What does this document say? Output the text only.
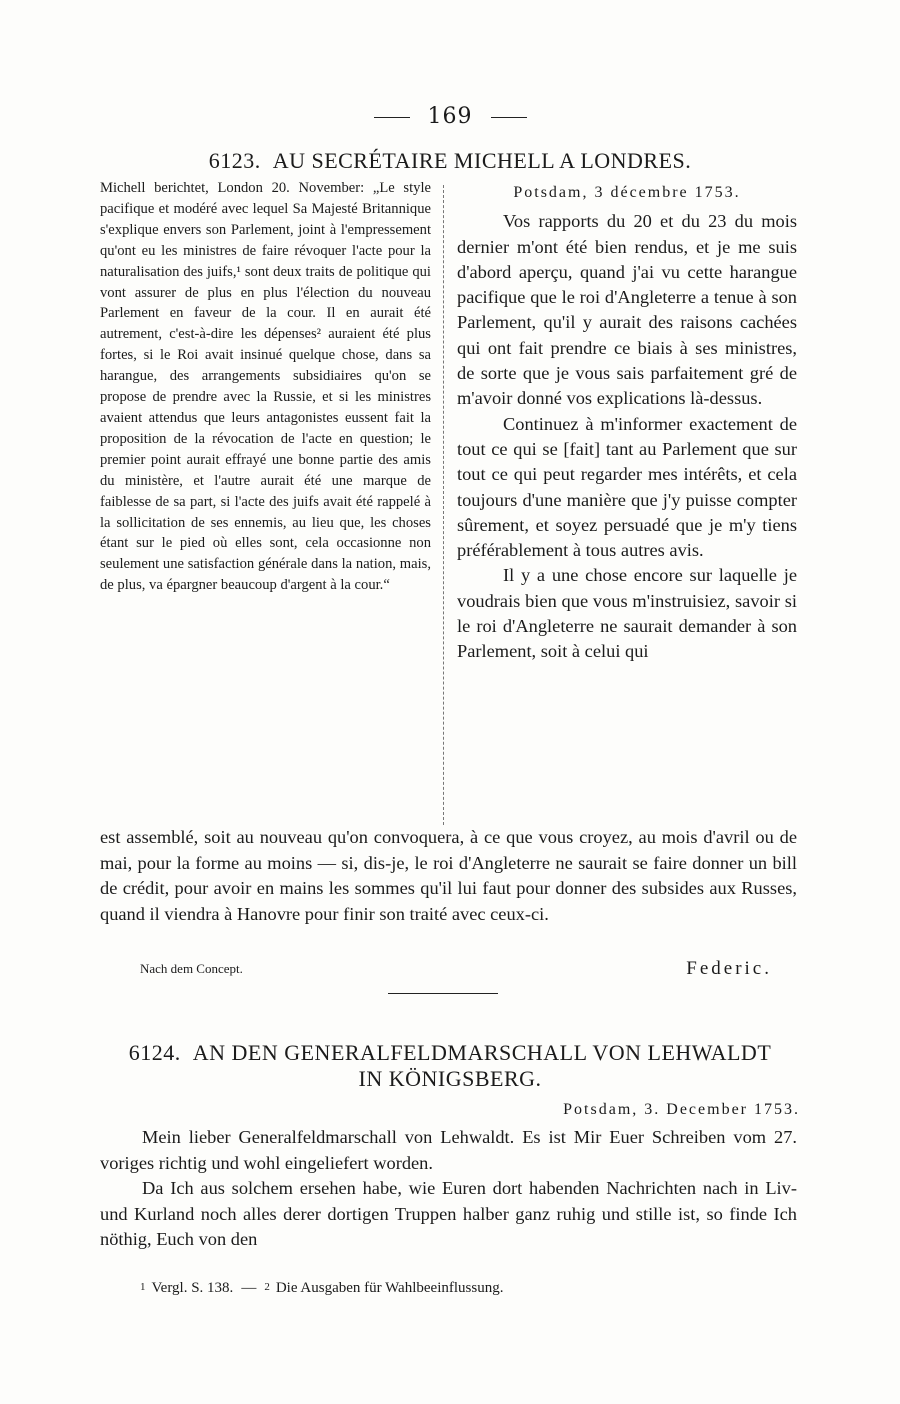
169
6123. AU SECRÉTAIRE MICHELL A LONDRES.
Michell berichtet, London 20. November: „Le style pacifique et modéré avec lequel Sa Majesté Britannique s'explique envers son Parlement, joint à l'empressement qu'ont eu les ministres de faire révoquer l'acte pour la naturalisation des juifs,¹ sont deux traits de politique qui vont assurer de plus en plus l'élection du nouveau Parlement en faveur de la cour. Il en aurait été autrement, c'est-à-dire les dépenses² auraient été plus fortes, si le Roi avait insinué quelque chose, dans sa harangue, des arrangements subsidiaires qu'on se propose de prendre avec la Russie, et si les ministres avaient attendus que leurs antagonistes eussent fait la proposition de la révocation de l'acte en question; le premier point aurait effrayé une bonne partie des amis du ministère, et l'autre aurait été une marque de faiblesse de sa part, si l'acte des juifs avait été rappelé à la sollicitation de ses ennemis, au lieu que, les choses étant sur le pied où elles sont, cela occasionne non seulement une satisfaction générale dans la nation, mais, de plus, va épargner beaucoup d'argent à la cour.“
Potsdam, 3 décembre 1753.

Vos rapports du 20 et du 23 du mois dernier m'ont été bien rendus, et je me suis d'abord aperçu, quand j'ai vu cette harangue pacifique que le roi d'Angleterre a tenue à son Parlement, qu'il y aurait des raisons cachées qui ont fait prendre ce biais à ses ministres, de sorte que je vous sais parfaitement gré de m'avoir donné vos explications là-dessus.

Continuez à m'informer exactement de tout ce qui se [fait] tant au Parlement que sur tout ce qui peut regarder mes intérêts, et cela toujours d'une manière que j'y puisse compter sûrement, et soyez persuadé que je m'y tiens préférablement à tous autres avis.

Il y a une chose encore sur laquelle je voudrais bien que vous m'instruisiez, savoir si le roi d'Angleterre ne saurait demander à son Parlement, soit à celui qui

est assemblé, soit au nouveau qu'on convoquera, à ce que vous croyez, au mois d'avril ou de mai, pour la forme au moins — si, dis-je, le roi d'Angleterre ne saurait se faire donner un bill de crédit, pour avoir en mains les sommes qu'il lui faut pour donner des subsides aux Russes, quand il viendra à Hanovre pour finir son traité avec ceux-ci.
Nach dem Concept.	Federic.
6124. AN DEN GENERALFELDMARSCHALL VON LEHWALDT
IN KÖNIGSBERG.
Potsdam, 3. December 1753.

Mein lieber Generalfeldmarschall von Lehwaldt. Es ist Mir Euer Schreiben vom 27. voriges richtig und wohl eingeliefert worden.

Da Ich aus solchem ersehen habe, wie Euren dort habenden Nachrichten nach in Liv- und Kurland noch alles derer dortigen Truppen halber ganz ruhig und stille ist, so finde Ich nöthig, Euch von den

1 Vergl. S. 138. — 2 Die Ausgaben für Wahlbeeinflussung.
